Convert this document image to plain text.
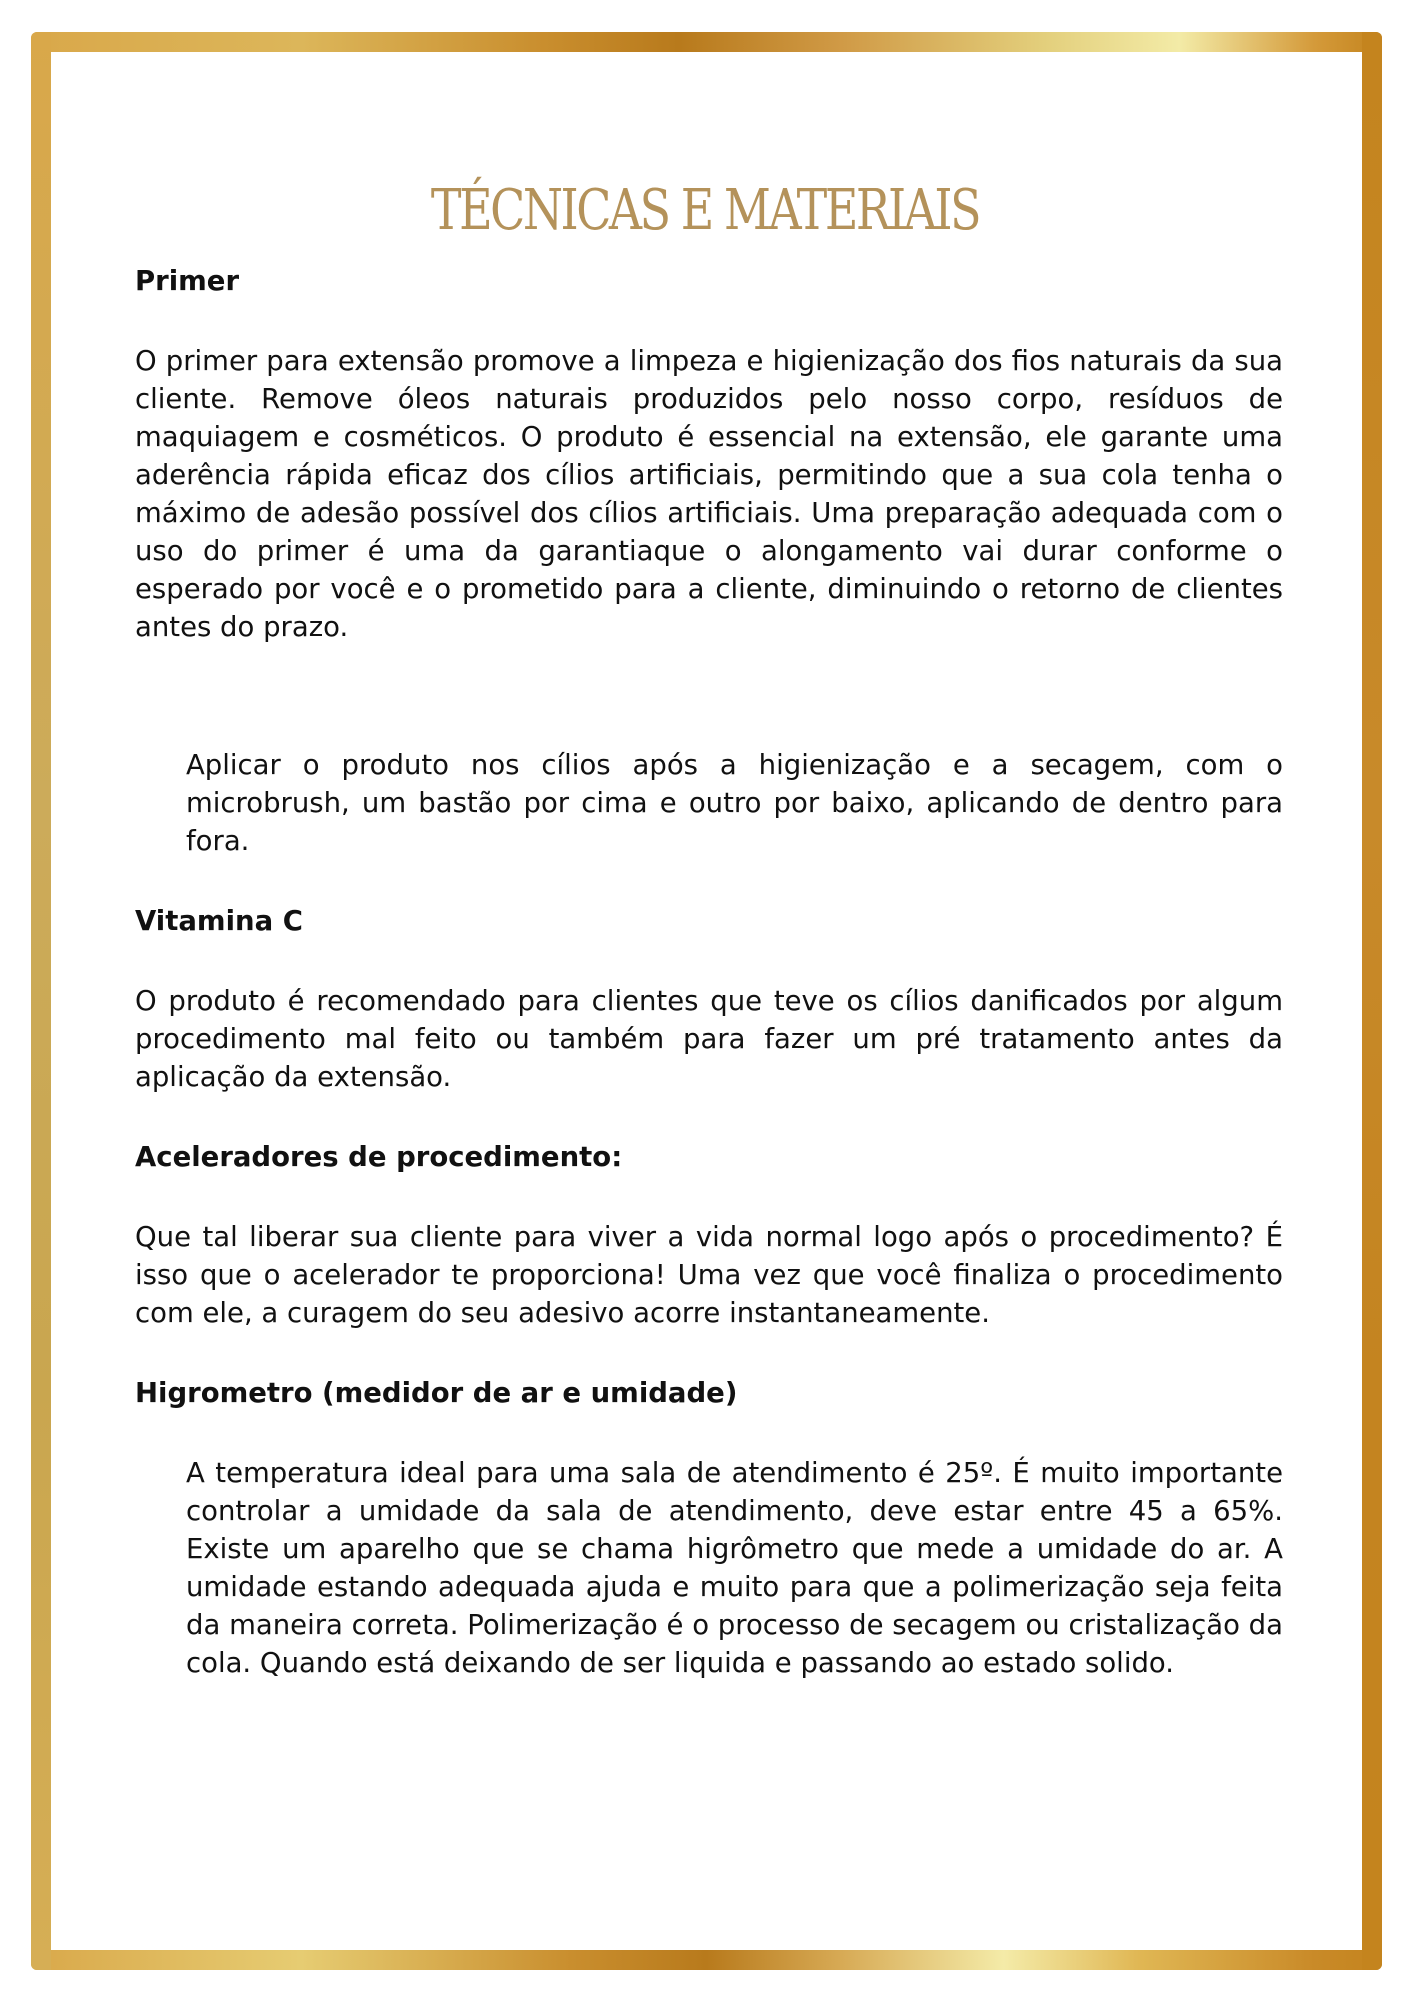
TÉCNICAS E MATERIAIS

Primer

O primer para extensão promove a limpeza e higienização dos fios naturais da sua cliente. Remove óleos naturais produzidos pelo nosso corpo, resíduos de maquiagem e cosméticos. O produto é essencial na extensão, ele garante uma aderência rápida eficaz dos cílios artificiais, permitindo que a sua cola tenha o máximo de adesão possível dos cílios artificiais. Uma preparação adequada com o uso do primer é uma da garantiaque o alongamento vai durar conforme o esperado por você e o prometido para a cliente, diminuindo o retorno de clientes antes do prazo.

Aplicar o produto nos cílios após a higienização e a secagem, com o microbrush, um bastão por cima e outro por baixo, aplicando de dentro para fora.

Vitamina C

O produto é recomendado para clientes que teve os cílios danificados por algum procedimento mal feito ou também para fazer um pré tratamento antes da aplicação da extensão.

Aceleradores de procedimento:

Que tal liberar sua cliente para viver a vida normal logo após o procedimento? É isso que o acelerador te proporciona! Uma vez que você finaliza o procedimento com ele, a curagem do seu adesivo acorre instantaneamente.

Higrometro (medidor de ar e umidade)

A temperatura ideal para uma sala de atendimento é 25º. É muito importante controlar a umidade da sala de atendimento, deve estar entre 45 a 65%. Existe um aparelho que se chama higrômetro que mede a umidade do ar. A umidade estando adequada ajuda e muito para que a polimerização seja feita da maneira correta. Polimerização é o processo de secagem ou cristalização da cola. Quando está deixando de ser liquida e passando ao estado solido.
